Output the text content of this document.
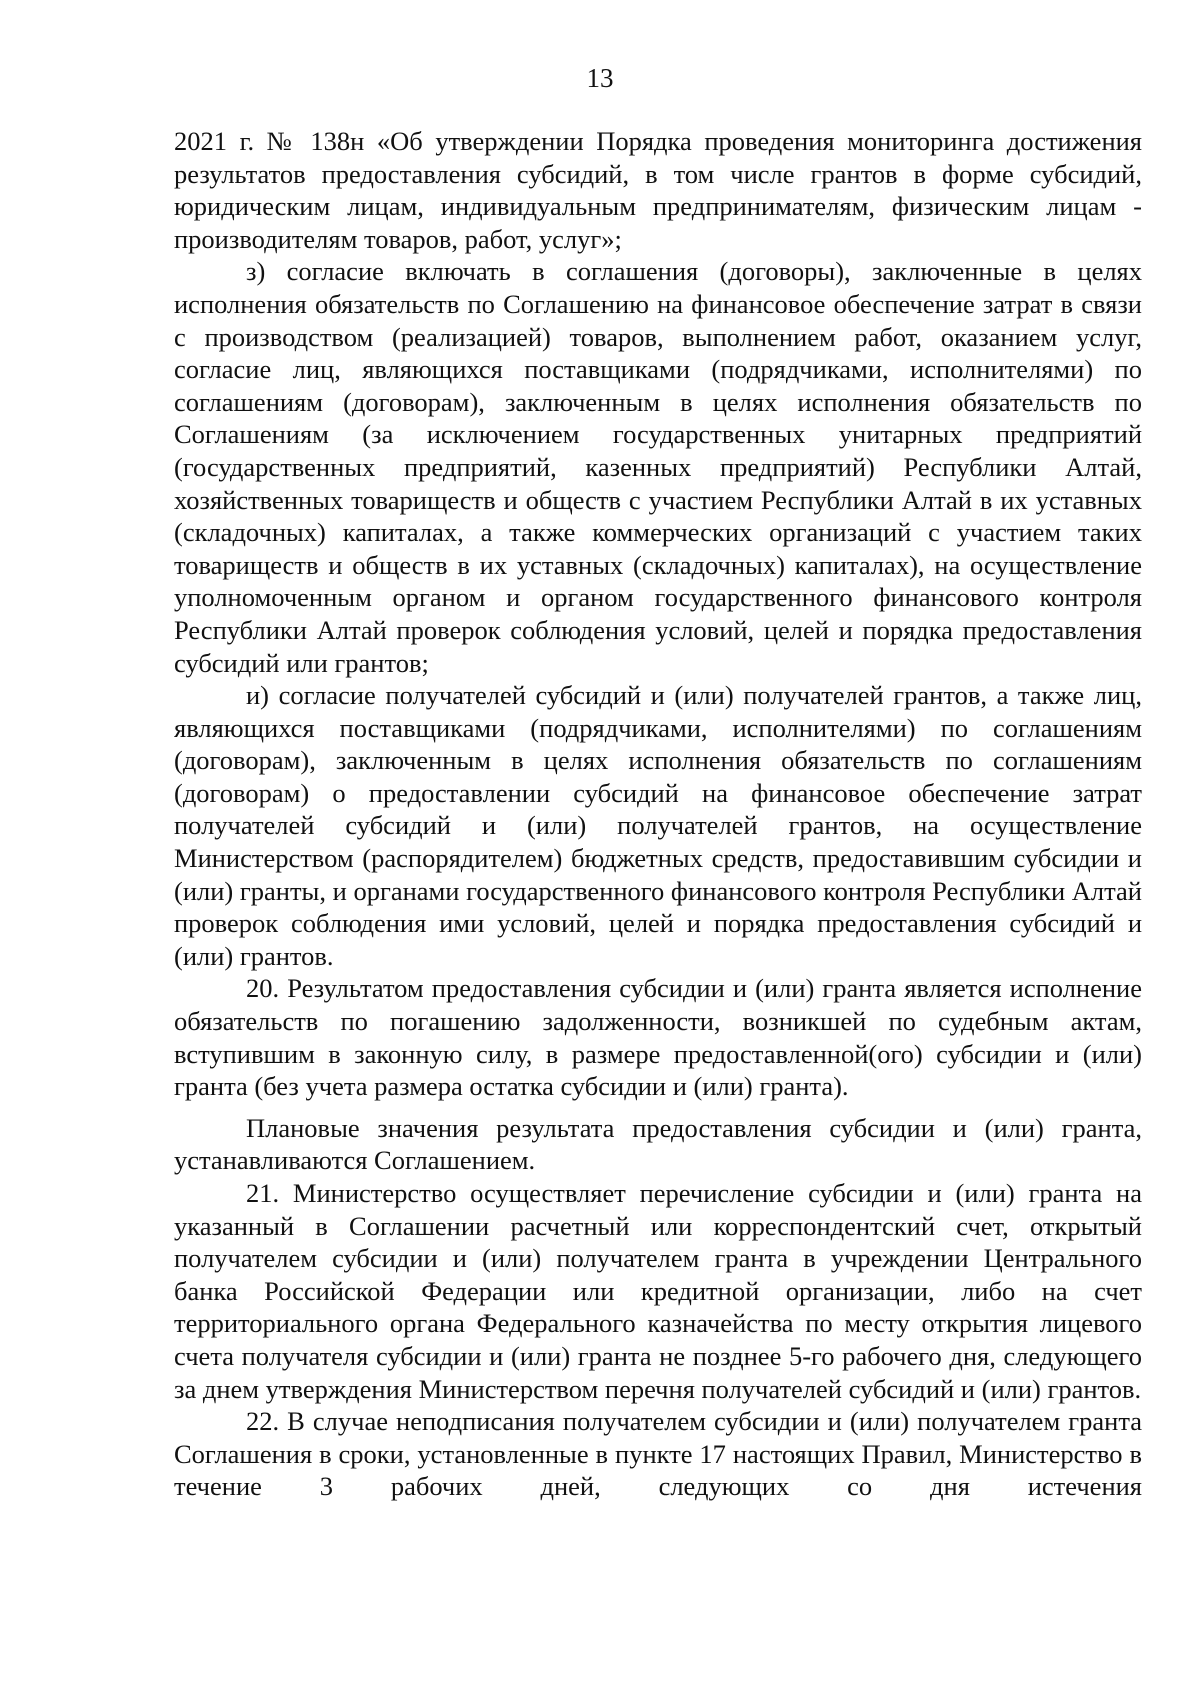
13

2021 г. № 138н «Об утверждении Порядка проведения мониторинга достижения результатов предоставления субсидий, в том числе грантов в форме субсидий, юридическим лицам, индивидуальным предпринимателям, физическим лицам - производителям товаров, работ, услуг»;

з) согласие включать в соглашения (договоры), заключенные в целях исполнения обязательств по Соглашению на финансовое обеспечение затрат в связи с производством (реализацией) товаров, выполнением работ, оказанием услуг, согласие лиц, являющихся поставщиками (подрядчиками, исполнителями) по соглашениям (договорам), заключенным в целях исполнения обязательств по Соглашениям (за исключением государственных унитарных предприятий (государственных предприятий, казенных предприятий) Республики Алтай, хозяйственных товариществ и обществ с участием Республики Алтай в их уставных (складочных) капиталах, а также коммерческих организаций с участием таких товариществ и обществ в их уставных (складочных) капиталах), на осуществление уполномоченным органом и органом государственного финансового контроля Республики Алтай проверок соблюдения условий, целей и порядка предоставления субсидий или грантов;

и) согласие получателей субсидий и (или) получателей грантов, а также лиц, являющихся поставщиками (подрядчиками, исполнителями) по соглашениям (договорам), заключенным в целях исполнения обязательств по соглашениям (договорам) о предоставлении субсидий на финансовое обеспечение затрат получателей субсидий и (или) получателей грантов, на осуществление Министерством (распорядителем) бюджетных средств, предоставившим субсидии и (или) гранты, и органами государственного финансового контроля Республики Алтай проверок соблюдения ими условий, целей и порядка предоставления субсидий и (или) грантов.

20. Результатом предоставления субсидии и (или) гранта является исполнение обязательств по погашению задолженности, возникшей по судебным актам, вступившим в законную силу, в размере предоставленной(ого) субсидии и (или) гранта (без учета размера остатка субсидии и (или) гранта).

Плановые значения результата предоставления субсидии и (или) гранта, устанавливаются Соглашением.

21. Министерство осуществляет перечисление субсидии и (или) гранта на указанный в Соглашении расчетный или корреспондентский счет, открытый получателем субсидии и (или) получателем гранта в учреждении Центрального банка Российской Федерации или кредитной организации, либо на счет территориального органа Федерального казначейства по месту открытия лицевого счета получателя субсидии и (или) гранта не позднее 5-го рабочего дня, следующего за днем утверждения Министерством перечня получателей субсидий и (или) грантов.

22. В случае неподписания получателем субсидии и (или) получателем гранта Соглашения в сроки, установленные в пункте 17 настоящих Правил, Министерство в течение 3 рабочих дней, следующих со дня истечения
